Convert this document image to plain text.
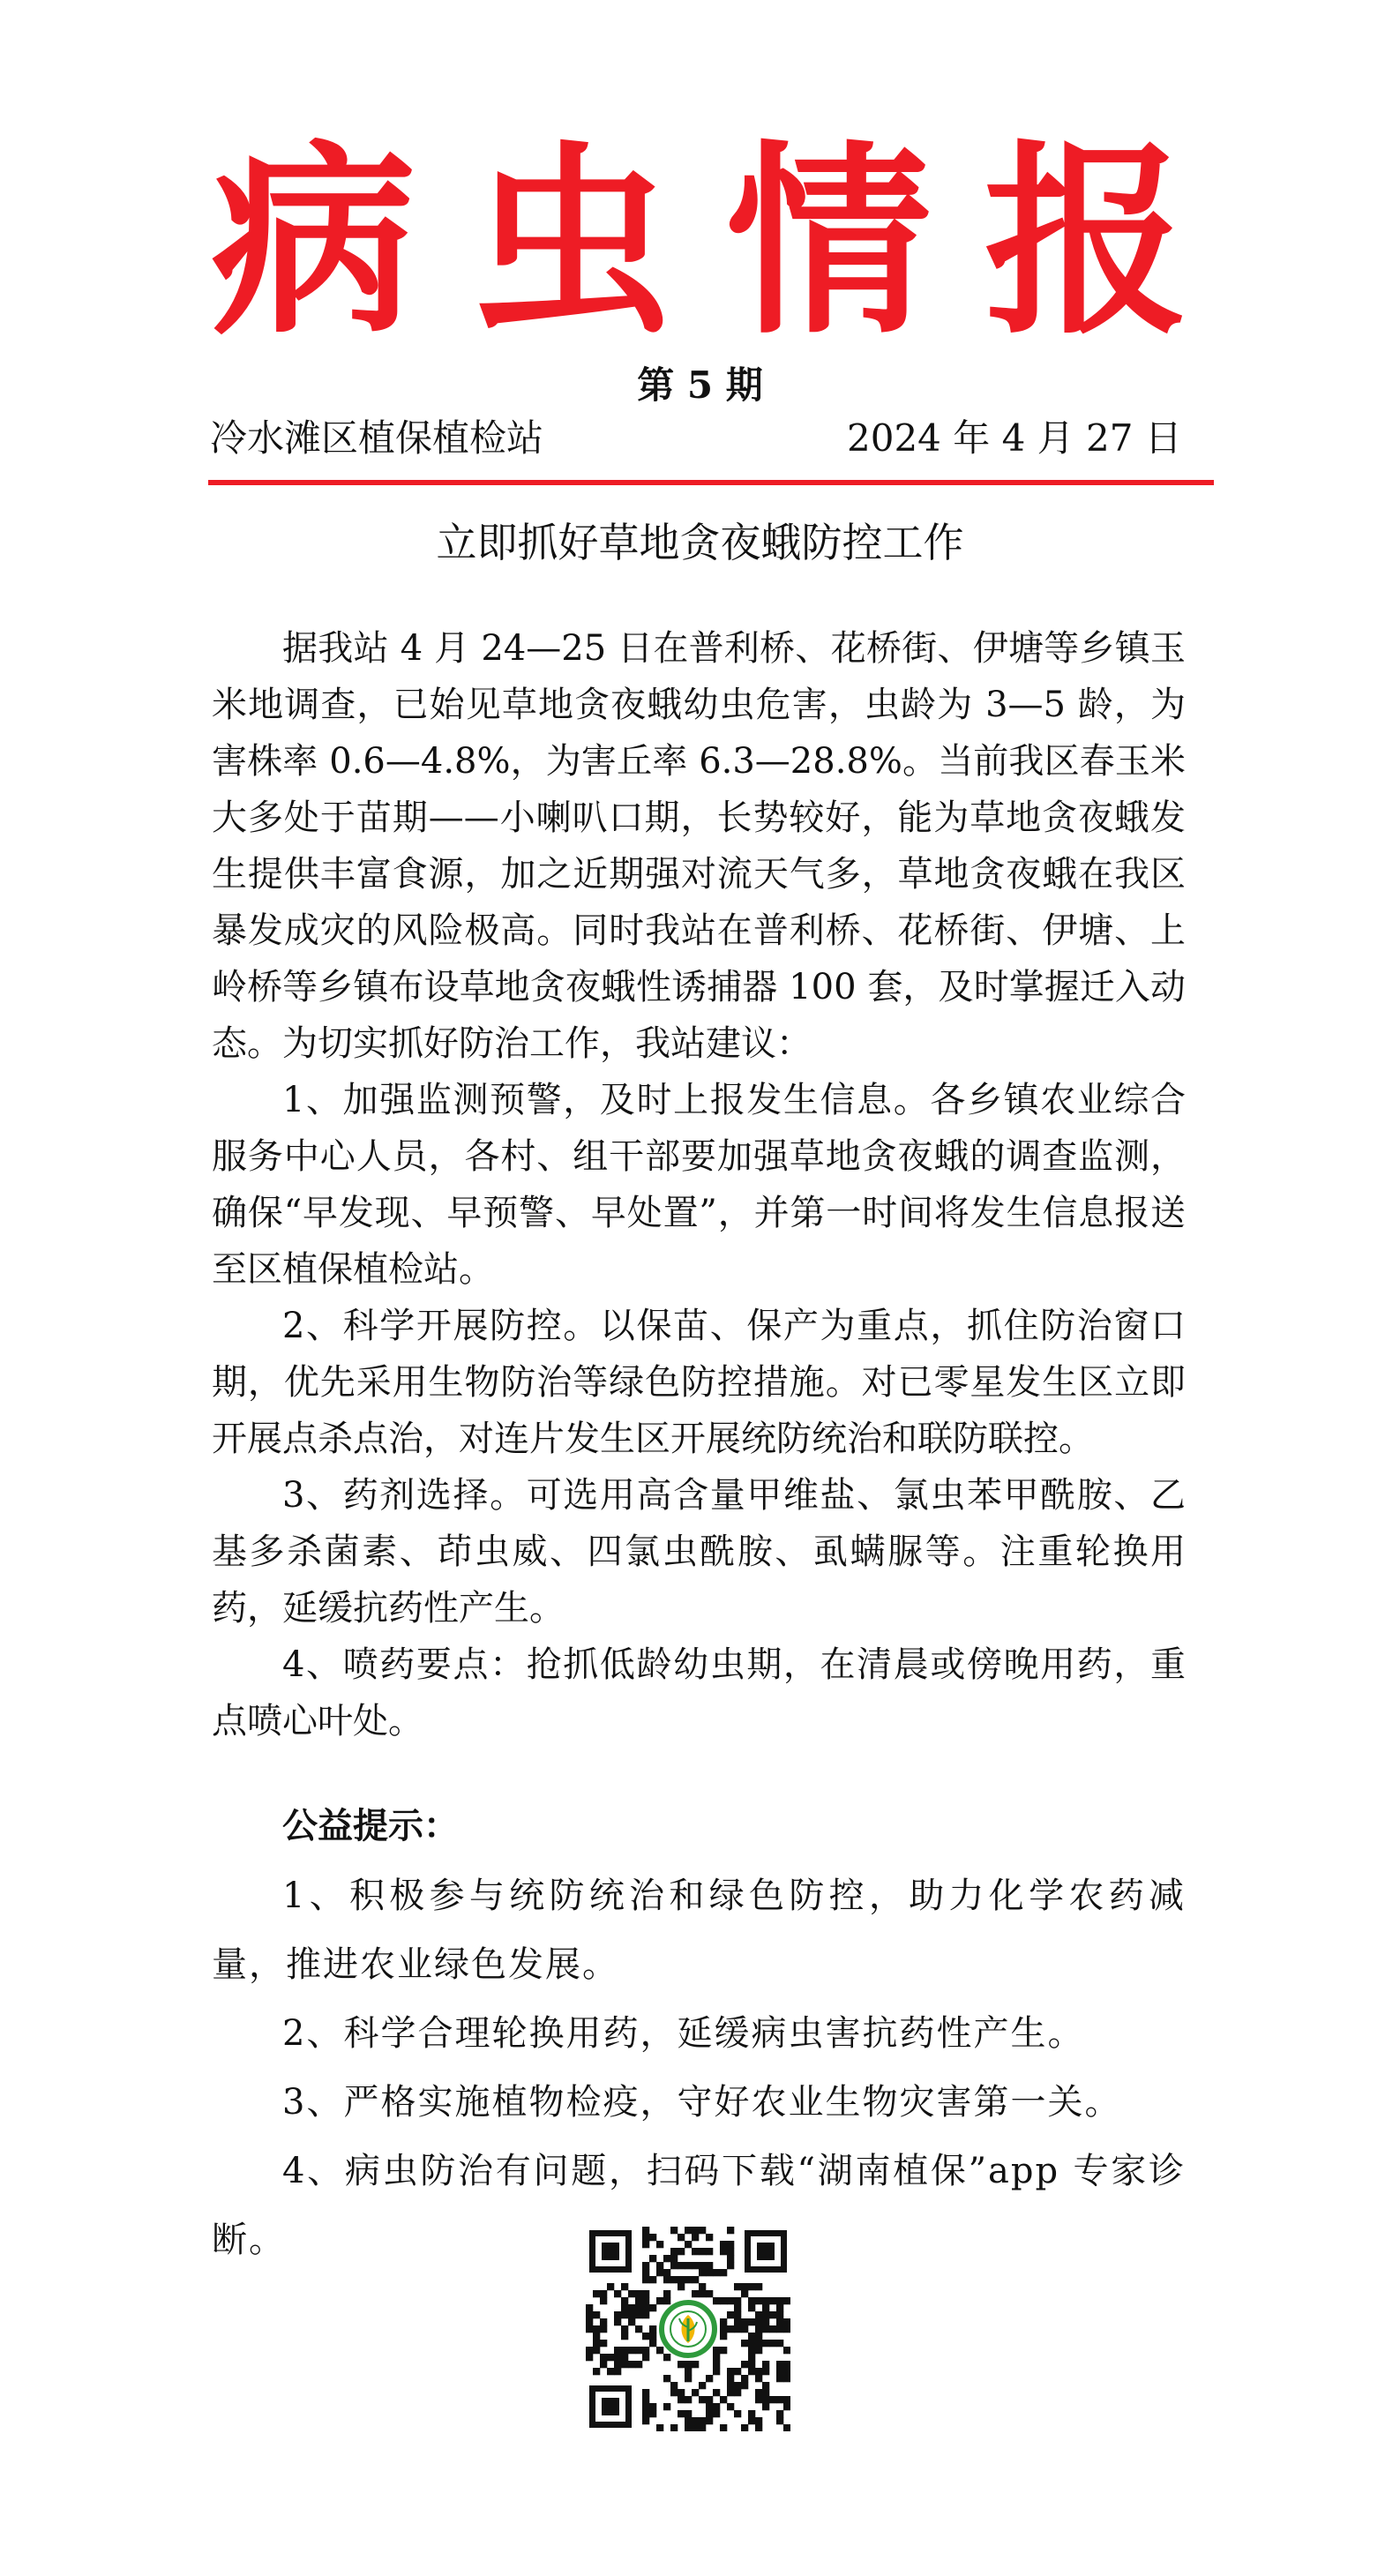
病虫情报
第 5 期
冷水滩区植保植检站	2024 年 4 月 27 日
立即抓好草地贪夜蛾防控工作

据我站 4 月 24—25 日在普利桥、花桥街、伊塘等乡镇玉米地调查，已始见草地贪夜蛾幼虫危害，虫龄为 3—5 龄，为害株率 0.6—4.8%，为害丘率 6.3—28.8%。当前我区春玉米大多处于苗期——小喇叭口期，长势较好，能为草地贪夜蛾发生提供丰富食源，加之近期强对流天气多，草地贪夜蛾在我区暴发成灾的风险极高。同时我站在普利桥、花桥街、伊塘、上岭桥等乡镇布设草地贪夜蛾性诱捕器 100 套，及时掌握迁入动态。为切实抓好防治工作，我站建议：

1、加强监测预警，及时上报发生信息。各乡镇农业综合服务中心人员，各村、组干部要加强草地贪夜蛾的调查监测，确保“早发现、早预警、早处置”，并第一时间将发生信息报送至区植保植检站。

2、科学开展防控。以保苗、保产为重点，抓住防治窗口期，优先采用生物防治等绿色防控措施。对已零星发生区立即开展点杀点治，对连片发生区开展统防统治和联防联控。

3、药剂选择。可选用高含量甲维盐、氯虫苯甲酰胺、乙基多杀菌素、茚虫威、四氯虫酰胺、虱螨脲等。注重轮换用药，延缓抗药性产生。

4、喷药要点：抢抓低龄幼虫期，在清晨或傍晚用药，重点喷心叶处。

公益提示：

1、积极参与统防统治和绿色防控，助力化学农药减量，推进农业绿色发展。

2、科学合理轮换用药，延缓病虫害抗药性产生。

3、严格实施植物检疫，守好农业生物灾害第一关。

4、病虫防治有问题，扫码下载“湖南植保”app 专家诊断。
